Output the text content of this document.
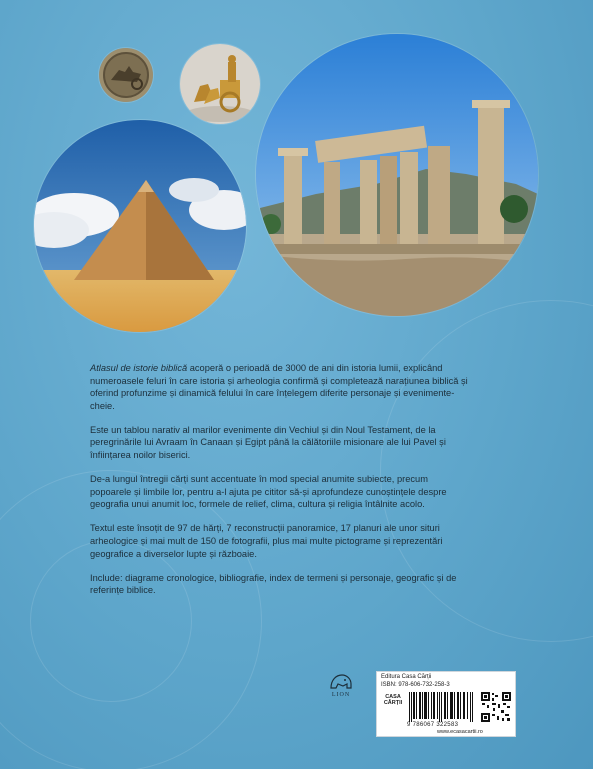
Atlasul de istorie biblică acoperă o perioadă de 3000 de ani din istoria lumii, explicând numeroasele feluri în care istoria și arheologia confirmă și completează narațiunea biblică și oferind profunzime și dinamică felului în care înțelegem diferite personaje și evenimente-cheie.

Este un tablou narativ al marilor evenimente din Vechiul și din Noul Testament, de la peregrinările lui Avraam în Canaan și Egipt până la călătoriile misionare ale lui Pavel și înființarea noilor biserici.

De-a lungul întregii cărți sunt accentuate în mod special anumite subiecte, precum popoarele și limbile lor, pentru a-l ajuta pe cititor să-și aprofundeze cunoștințele despre geografia unui anumit loc, formele de relief, clima, cultura și religia întâlnite acolo.

Textul este însoțit de 97 de hărți, 7 reconstrucții panoramice, 17 planuri ale unor situri arheologice și mai mult de 150 de fotografii, plus mai multe pictograme și reprezentări geografice a diverselor lupte și războaie.

Include: diagrame cronologice, bibliografie, index de termeni și personaje, geografic și de referințe biblice.

LION
Editura Casa Cărții
ISBN: 978-606-732-258-3
CASA
CĂRȚII
9 786067 322583
www.ecasacartii.ro
